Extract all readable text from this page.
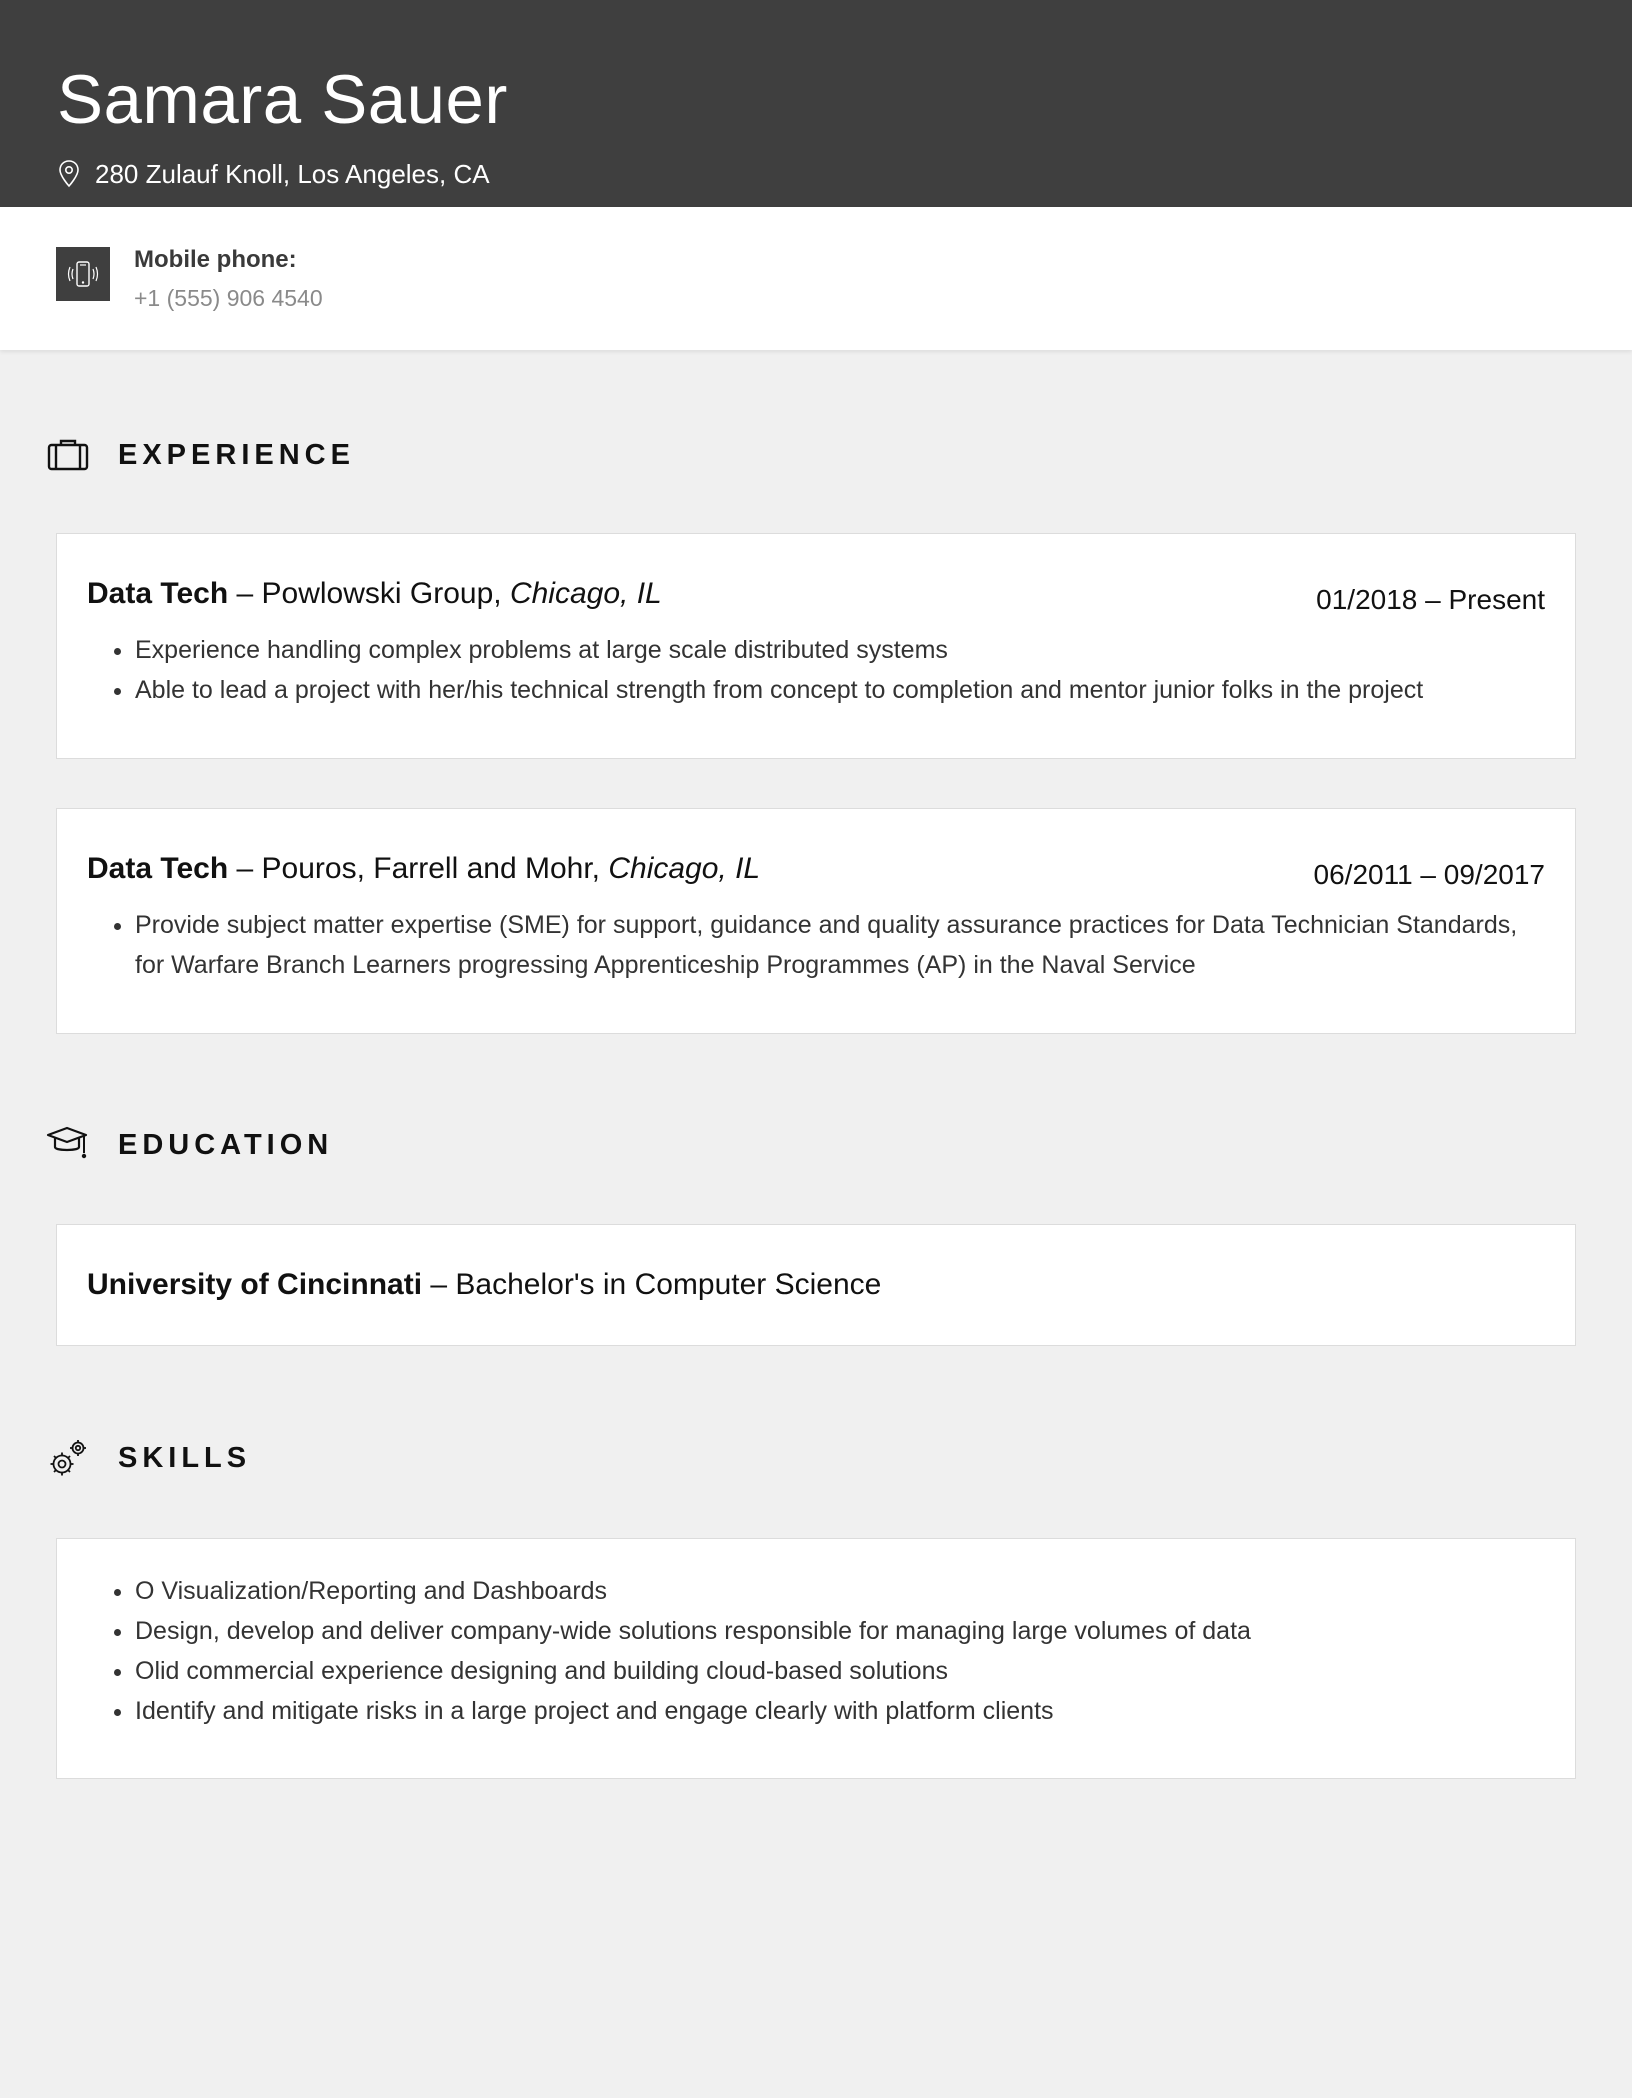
Samara Sauer
280 Zulauf Knoll, Los Angeles, CA
Mobile phone:
+1 (555) 906 4540
EXPERIENCE
Data Tech – Powlowski Group, Chicago, IL	01/2018 – Present
• Experience handling complex problems at large scale distributed systems
• Able to lead a project with her/his technical strength from concept to completion and mentor junior folks in the project
Data Tech – Pouros, Farrell and Mohr, Chicago, IL	06/2011 – 09/2017
• Provide subject matter expertise (SME) for support, guidance and quality assurance practices for Data Technician Standards, for Warfare Branch Learners progressing Apprenticeship Programmes (AP) in the Naval Service
EDUCATION
University of Cincinnati – Bachelor's in Computer Science
SKILLS
• O Visualization/Reporting and Dashboards
• Design, develop and deliver company-wide solutions responsible for managing large volumes of data
• Olid commercial experience designing and building cloud-based solutions
• Identify and mitigate risks in a large project and engage clearly with platform clients
